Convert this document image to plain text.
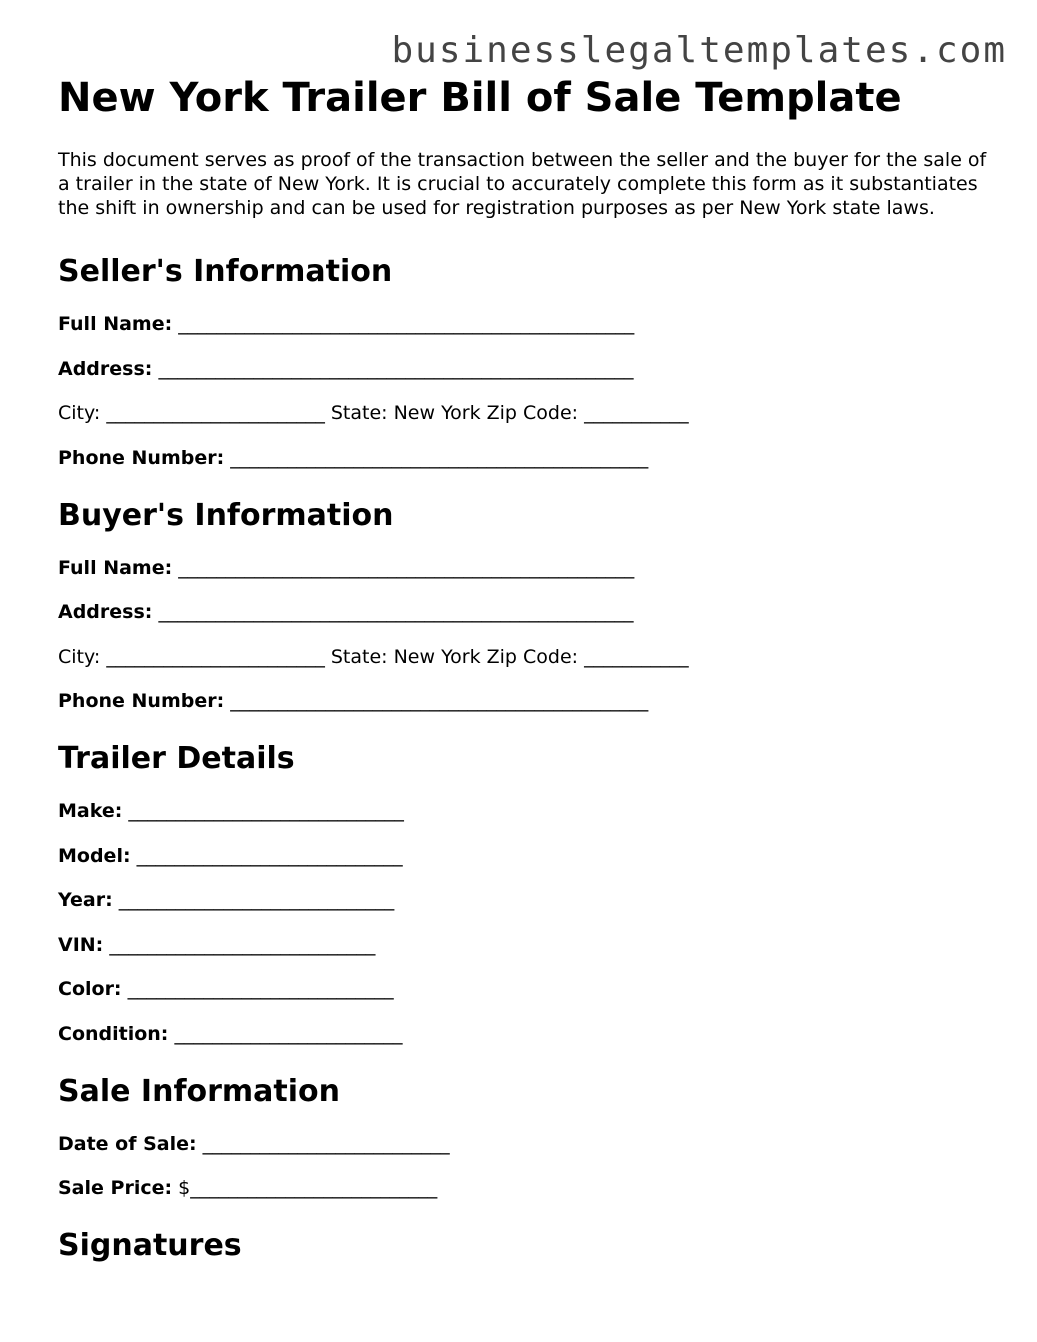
businesslegaltemplates.com
New York Trailer Bill of Sale Template

This document serves as proof of the transaction between the seller and the buyer for the sale of a trailer in the state of New York. It is crucial to accurately complete this form as it substantiates the shift in ownership and can be used for registration purposes as per New York state laws.

Seller's Information
Full Name: ________________________________________________
Address: __________________________________________________
City: _______________________ State: New York Zip Code: ___________
Phone Number: ____________________________________________
Buyer's Information
Full Name: ________________________________________________
Address: __________________________________________________
City: _______________________ State: New York Zip Code: ___________
Phone Number: ____________________________________________
Trailer Details
Make: _____________________________
Model: ____________________________
Year: _____________________________
VIN: ____________________________
Color: ____________________________
Condition: ________________________
Sale Information
Date of Sale: __________________________
Sale Price: $__________________________
Signatures
